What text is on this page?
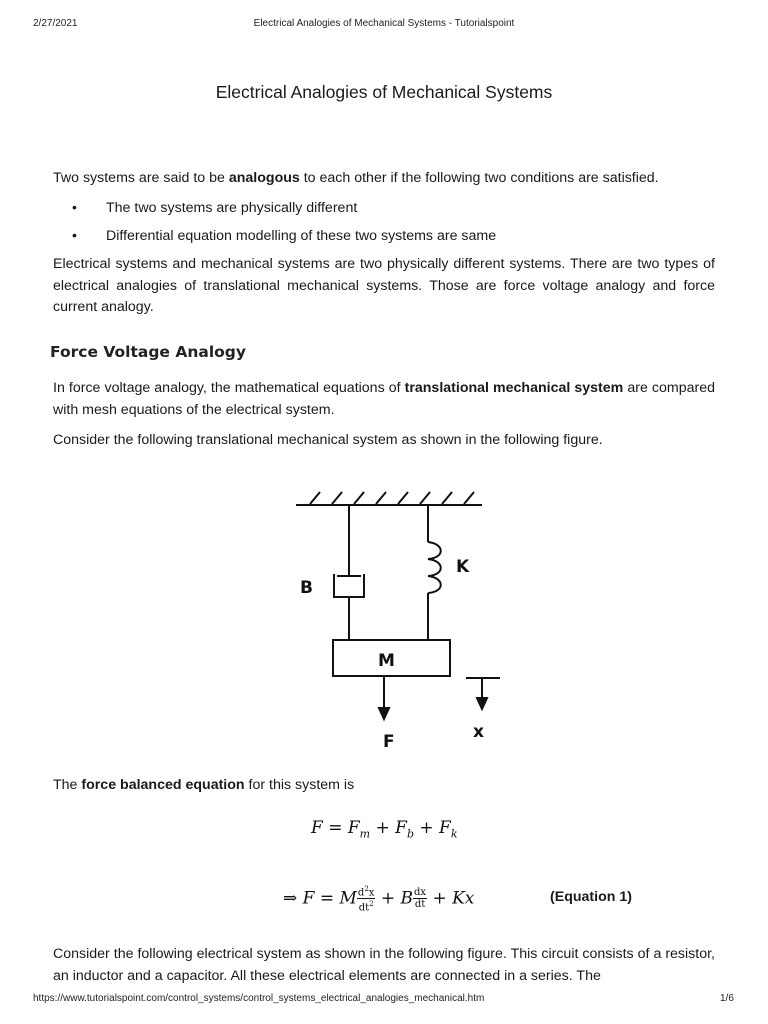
2/27/2021	Electrical Analogies of Mechanical Systems - Tutorialspoint
Electrical Analogies of Mechanical Systems

Two systems are said to be analogous to each other if the following two conditions are satisfied.

• The two systems are physically different
• Differential equation modelling of these two systems are same

Electrical systems and mechanical systems are two physically different systems. There are two types of electrical analogies of translational mechanical systems. Those are force voltage analogy and force current analogy.

Force Voltage Analogy

In force voltage analogy, the mathematical equations of translational mechanical system are compared with mesh equations of the electrical system.

Consider the following translational mechanical system as shown in the following figure.

B
K
M
F	x

The force balanced equation for this system is

$F = F_m + F_b + F_k$
⇒ F = M $\frac{d^2x}{dt^2} + B \frac{dx}{dt} + Kx$	(Equation 1)

Consider the following electrical system as shown in the following figure. This circuit consists of a resistor, an inductor and a capacitor. All these electrical elements are connected in a series. The

https://www.tutorialspoint.com/control_systems/control_systems_electrical_analogies_mechanical.htm	1/6
